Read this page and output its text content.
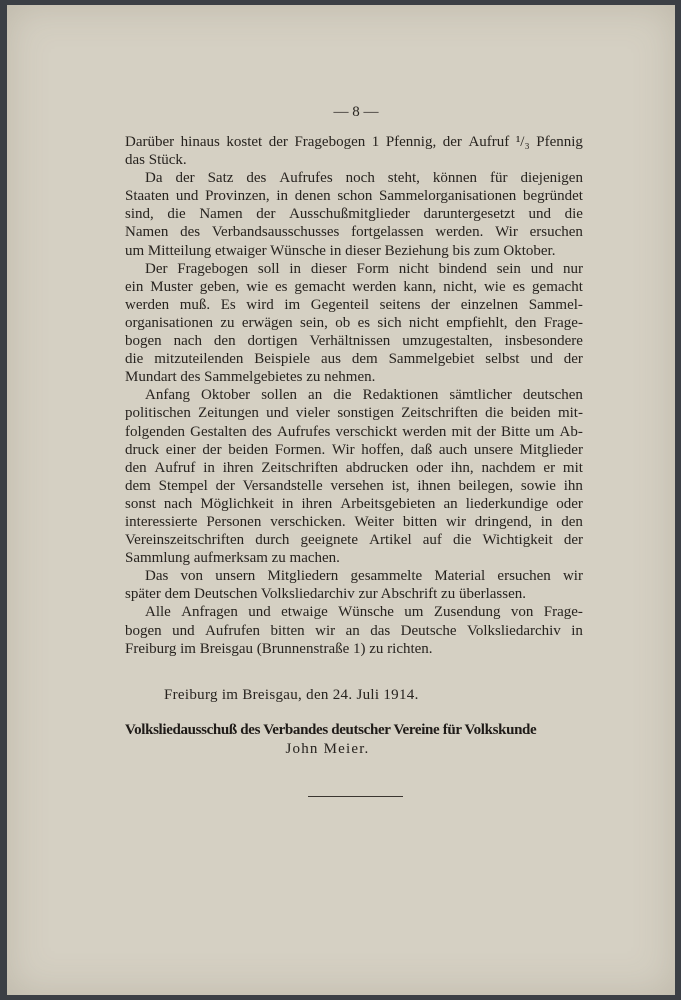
— 8 —
Darüber hinaus kostet der Fragebogen 1 Pfennig, der Aufruf ¹/₃ Pfennig
das Stück.
Da der Satz des Aufrufes noch steht, können für diejenigen
Staaten und Provinzen, in denen schon Sammelorganisationen begründet
sind, die Namen der Ausschußmitglieder daruntergesetzt und die
Namen des Verbandsausschusses fortgelassen werden. Wir ersuchen
um Mitteilung etwaiger Wünsche in dieser Beziehung bis zum Oktober.
Der Fragebogen soll in dieser Form nicht bindend sein und nur
ein Muster geben, wie es gemacht werden kann, nicht, wie es gemacht
werden muß. Es wird im Gegenteil seitens der einzelnen Sammel-
organisationen zu erwägen sein, ob es sich nicht empfiehlt, den Frage-
bogen nach den dortigen Verhältnissen umzugestalten, insbesondere
die mitzuteilenden Beispiele aus dem Sammelgebiet selbst und der
Mundart des Sammelgebietes zu nehmen.
Anfang Oktober sollen an die Redaktionen sämtlicher deutschen
politischen Zeitungen und vieler sonstigen Zeitschriften die beiden mit-
folgenden Gestalten des Aufrufes verschickt werden mit der Bitte um Ab-
druck einer der beiden Formen. Wir hoffen, daß auch unsere Mitglieder
den Aufruf in ihren Zeitschriften abdrucken oder ihn, nachdem er mit
dem Stempel der Versandstelle versehen ist, ihnen beilegen, sowie ihn
sonst nach Möglichkeit in ihren Arbeitsgebieten an liederkundige oder
interessierte Personen verschicken. Weiter bitten wir dringend, in den
Vereinszeitschriften durch geeignete Artikel auf die Wichtigkeit der
Sammlung aufmerksam zu machen.
Das von unsern Mitgliedern gesammelte Material ersuchen wir
später dem Deutschen Volksliedarchiv zur Abschrift zu überlassen.
Alle Anfragen und etwaige Wünsche um Zusendung von Frage-
bogen und Aufrufen bitten wir an das Deutsche Volksliedarchiv in
Freiburg im Breisgau (Brunnenstraße 1) zu richten.
Freiburg im Breisgau, den 24. Juli 1914.
Volksliedausschuß des Verbandes deutscher Vereine für Volkskunde
John Meier.
